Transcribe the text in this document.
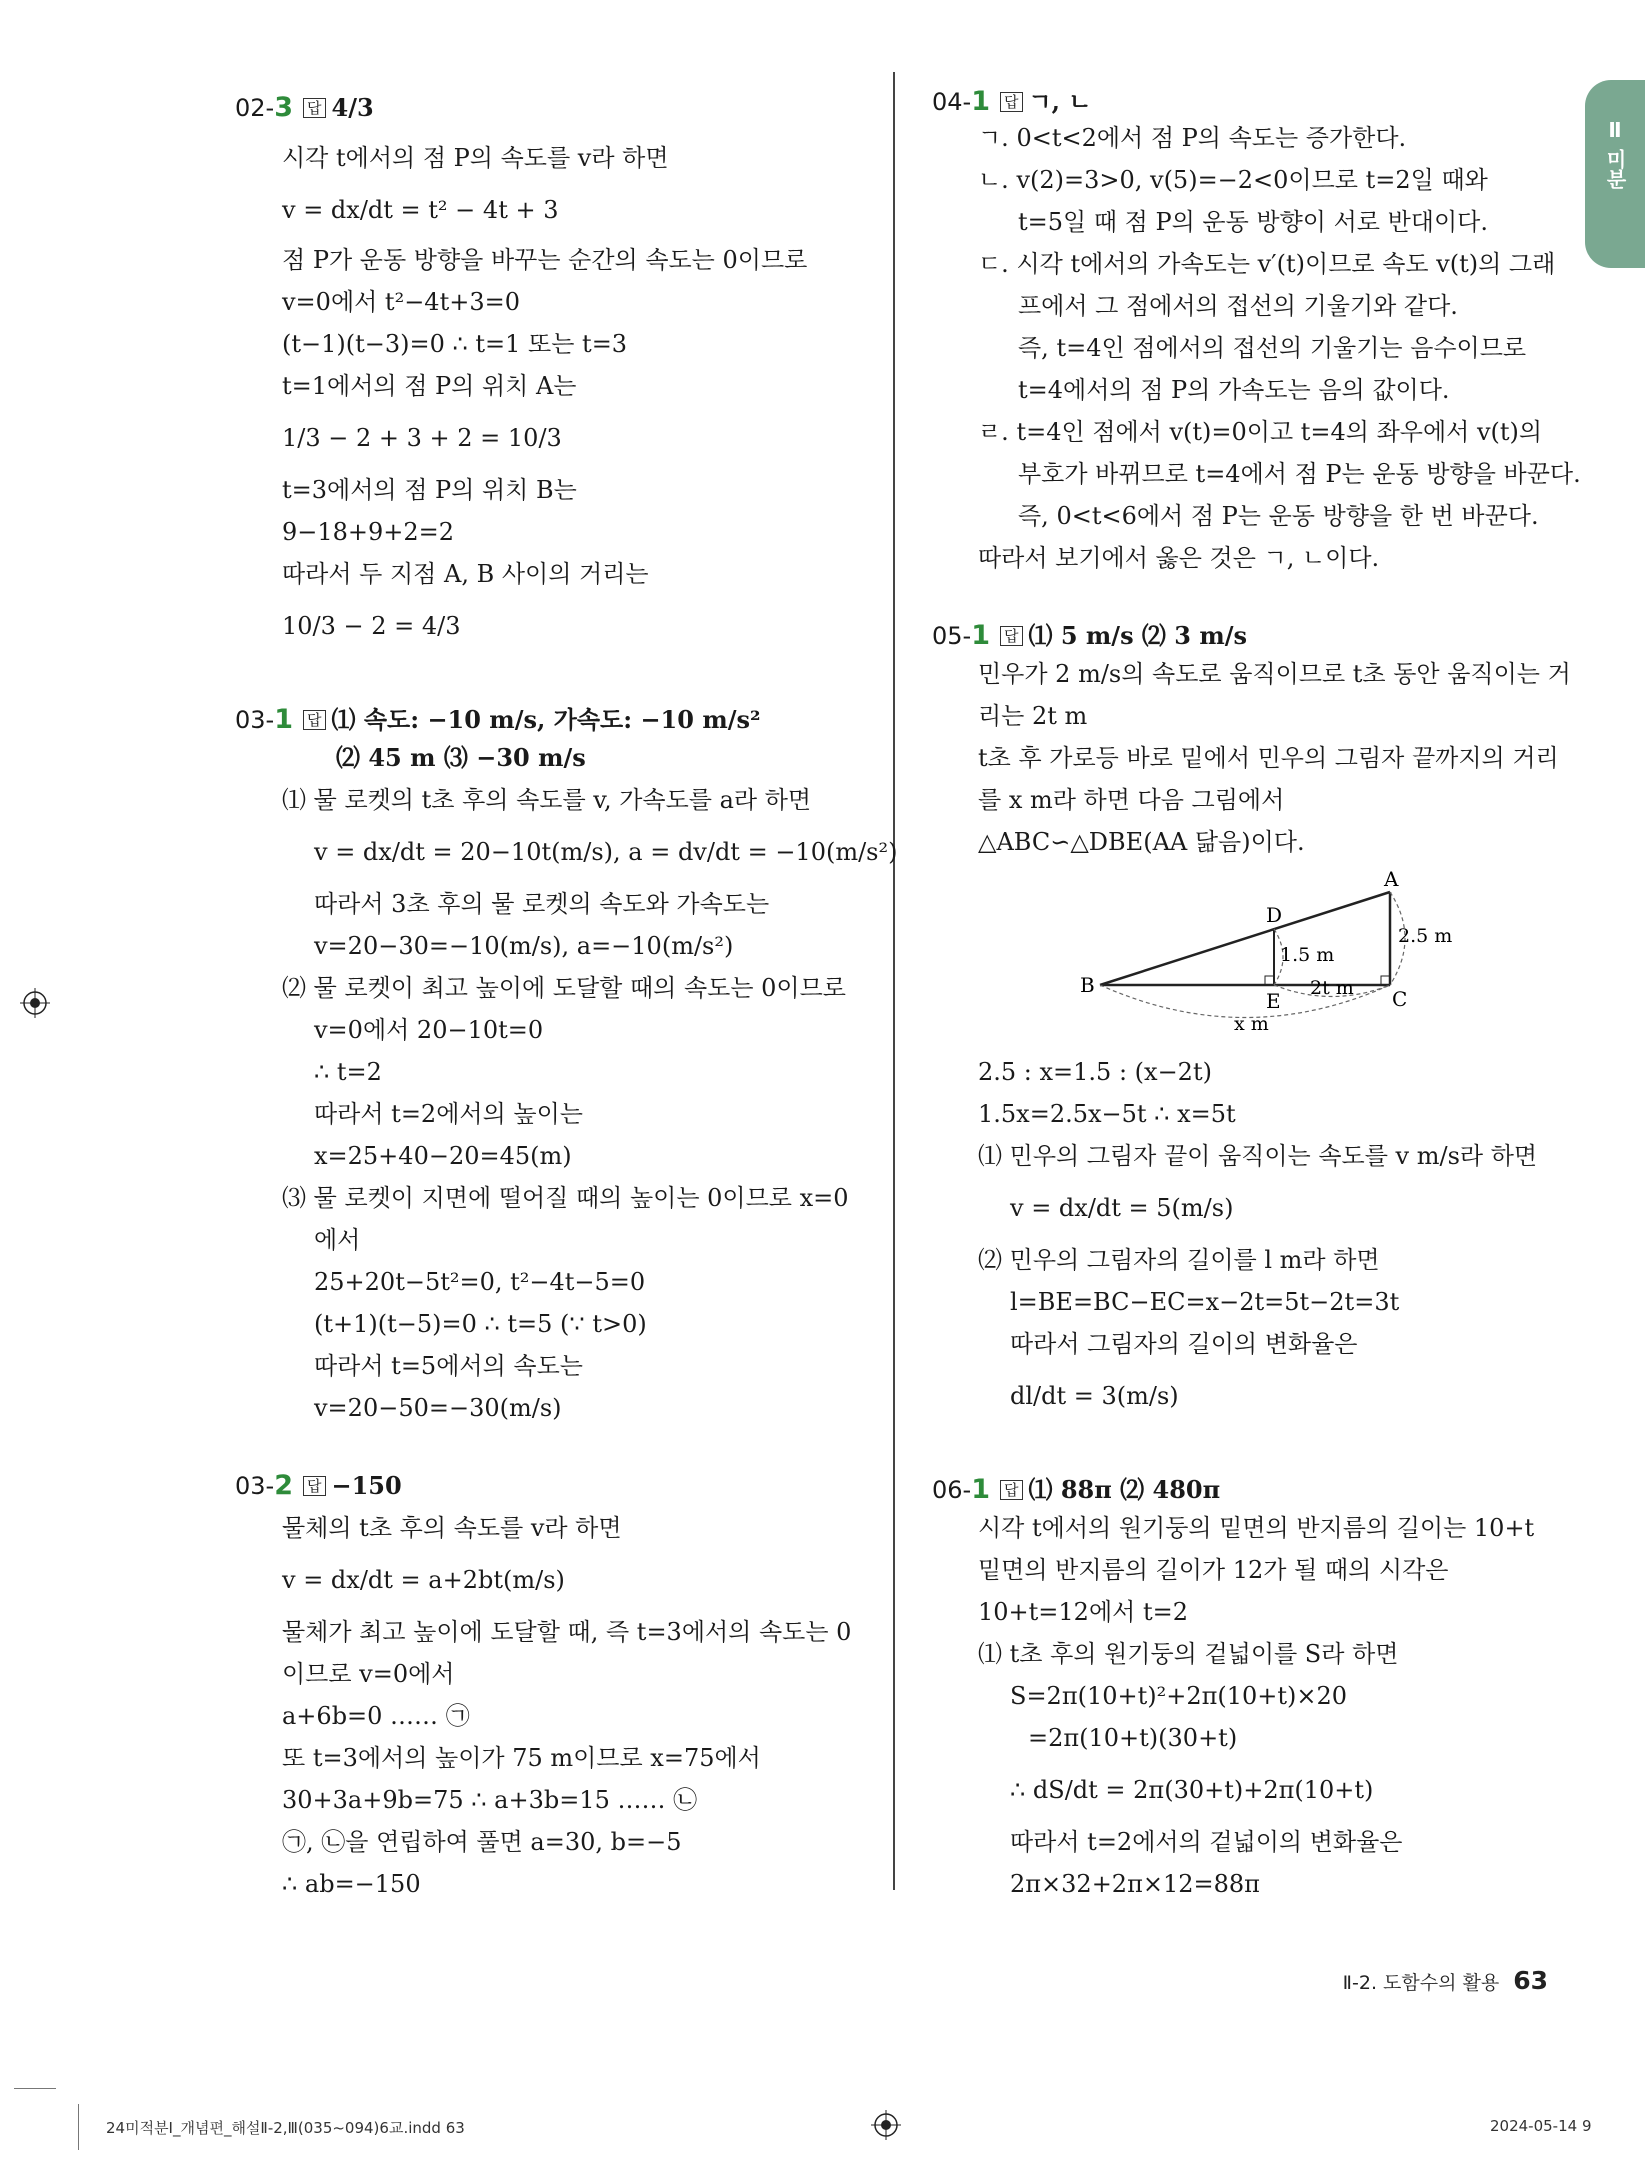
Ⅱ 미분
02-3 답 4/3
시각 t에서의 점 P의 속도를 v라 하면
v = dx/dt = t² − 4t + 3
점 P가 운동 방향을 바꾸는 순간의 속도는 0이므로
v=0에서 t²−4t+3=0
(t−1)(t−3)=0 ∴ t=1 또는 t=3
t=1에서의 점 P의 위치 A는
1/3 − 2 + 3 + 2 = 10/3
t=3에서의 점 P의 위치 B는
9−18+9+2=2
따라서 두 지점 A, B 사이의 거리는
10/3 − 2 = 4/3
03-1 답 ⑴ 속도: −10 m/s, 가속도: −10 m/s²
⑵ 45 m ⑶ −30 m/s
⑴ 물 로켓의 t초 후의 속도를 v, 가속도를 a라 하면
v = dx/dt = 20−10t(m/s), a = dv/dt = −10(m/s²)
따라서 3초 후의 물 로켓의 속도와 가속도는
v=20−30=−10(m/s), a=−10(m/s²)
⑵ 물 로켓이 최고 높이에 도달할 때의 속도는 0이므로
v=0에서 20−10t=0
∴ t=2
따라서 t=2에서의 높이는
x=25+40−20=45(m)
⑶ 물 로켓이 지면에 떨어질 때의 높이는 0이므로 x=0
에서
25+20t−5t²=0, t²−4t−5=0
(t+1)(t−5)=0 ∴ t=5 (∵ t>0)
따라서 t=5에서의 속도는
v=20−50=−30(m/s)
03-2 답 −150
물체의 t초 후의 속도를 v라 하면
v = dx/dt = a+2bt(m/s)
물체가 최고 높이에 도달할 때, 즉 t=3에서의 속도는 0
이므로 v=0에서
a+6b=0 …… ㉠
또 t=3에서의 높이가 75 m이므로 x=75에서
30+3a+9b=75 ∴ a+3b=15 …… ㉡
㉠, ㉡을 연립하여 풀면 a=30, b=−5
∴ ab=−150
04-1 답 ㄱ, ㄴ
ㄱ. 0<t<2에서 점 P의 속도는 증가한다.
ㄴ. v(2)=3>0, v(5)=−2<0이므로 t=2일 때와
t=5일 때 점 P의 운동 방향이 서로 반대이다.
ㄷ. 시각 t에서의 가속도는 v′(t)이므로 속도 v(t)의 그래
프에서 그 점에서의 접선의 기울기와 같다.
즉, t=4인 점에서의 접선의 기울기는 음수이므로
t=4에서의 점 P의 가속도는 음의 값이다.
ㄹ. t=4인 점에서 v(t)=0이고 t=4의 좌우에서 v(t)의
부호가 바뀌므로 t=4에서 점 P는 운동 방향을 바꾼다.
즉, 0<t<6에서 점 P는 운동 방향을 한 번 바꾼다.
따라서 보기에서 옳은 것은 ㄱ, ㄴ이다.
05-1 답 ⑴ 5 m/s ⑵ 3 m/s
민우가 2 m/s의 속도로 움직이므로 t초 동안 움직이는 거
리는 2t m
t초 후 가로등 바로 밑에서 민우의 그림자 끝까지의 거리
를 x m라 하면 다음 그림에서
△ABC∽△DBE(AA 닮음)이다.
A
B
C
D
E
2.5 m
1.5 m
2t m
x m
2.5 : x=1.5 : (x−2t)
1.5x=2.5x−5t ∴ x=5t
⑴ 민우의 그림자 끝이 움직이는 속도를 v m/s라 하면
v = dx/dt = 5(m/s)
⑵ 민우의 그림자의 길이를 l m라 하면
l=BE=BC−EC=x−2t=5t−2t=3t
따라서 그림자의 길이의 변화율은
dl/dt = 3(m/s)
06-1 답 ⑴ 88π ⑵ 480π
시각 t에서의 원기둥의 밑면의 반지름의 길이는 10+t
밑면의 반지름의 길이가 12가 될 때의 시각은
10+t=12에서 t=2
⑴ t초 후의 원기둥의 겉넓이를 S라 하면
S=2π(10+t)²+2π(10+t)×20
=2π(10+t)(30+t)
∴ dS/dt = 2π(30+t)+2π(10+t)
따라서 t=2에서의 겉넓이의 변화율은
2π×32+2π×12=88π
Ⅱ-2. 도함수의 활용 63
24미적분Ⅰ_개념편_해설Ⅱ-2,Ⅲ(035~094)6교.indd 63	2024-05-14 9
